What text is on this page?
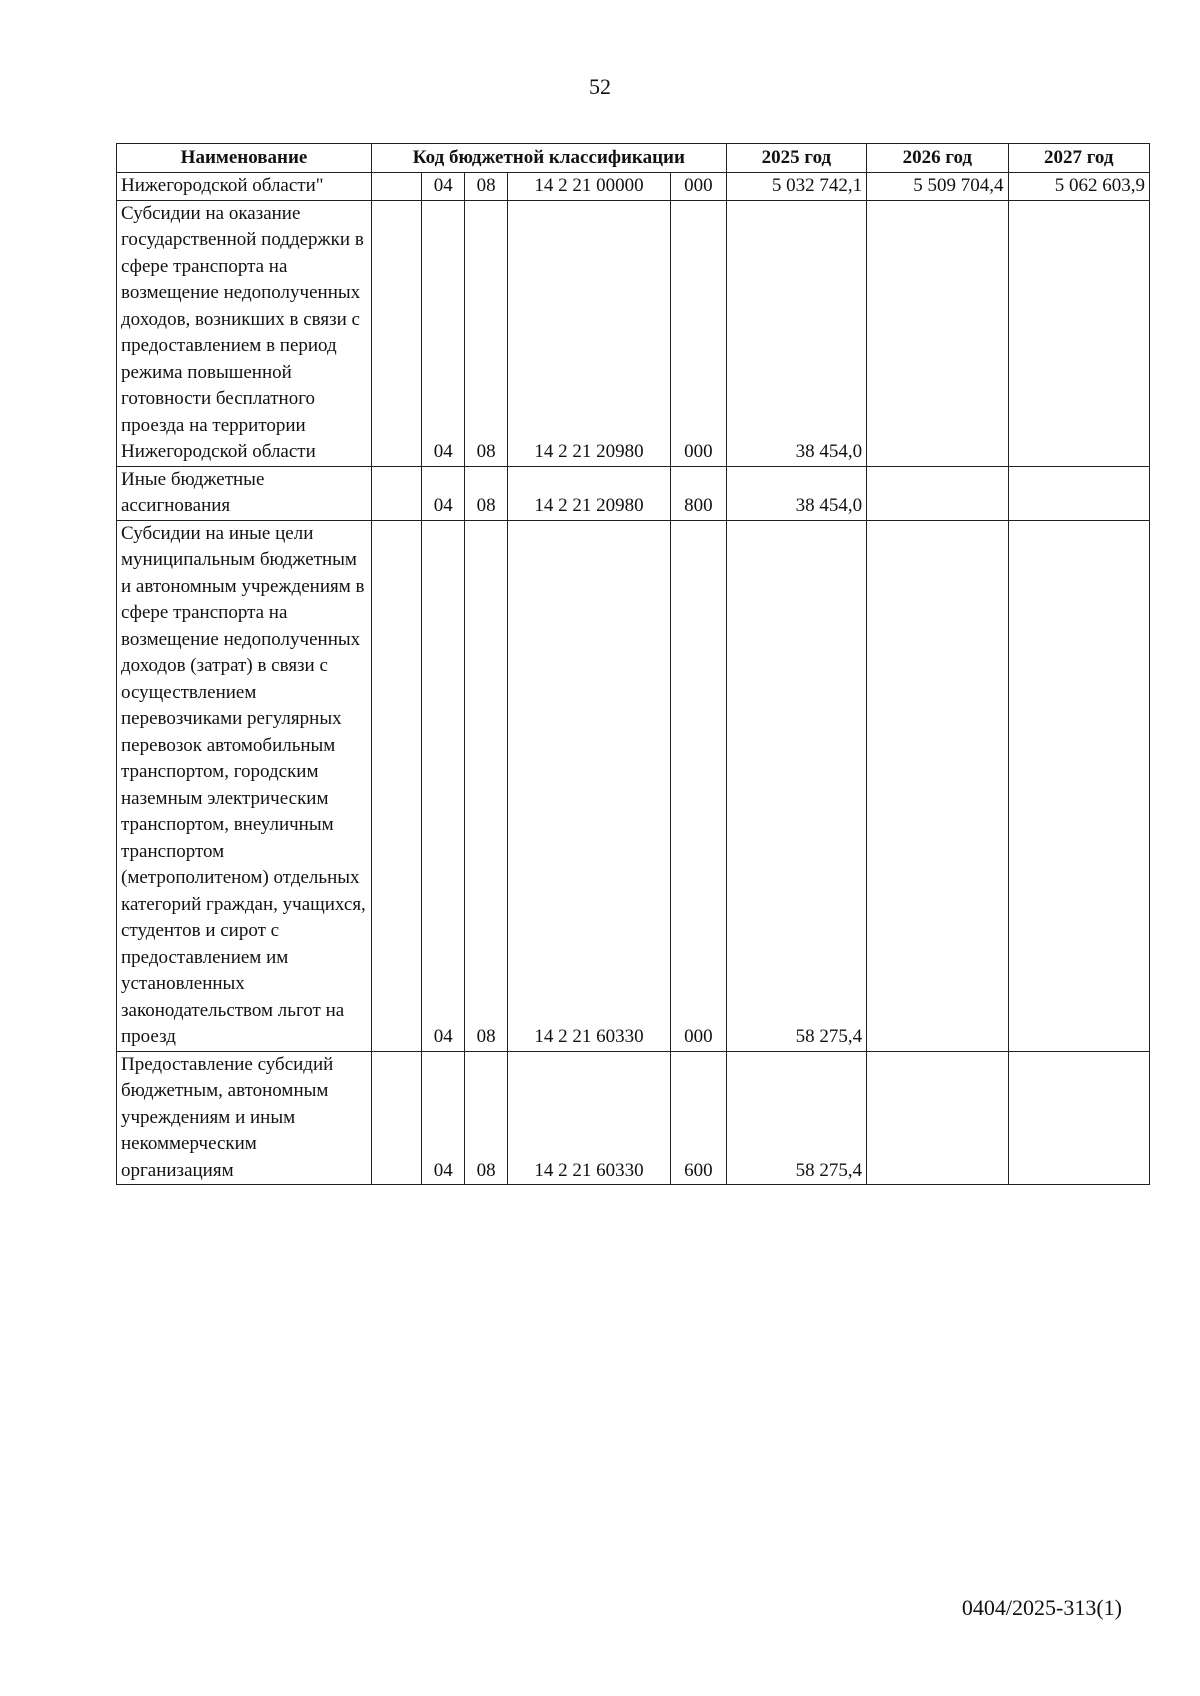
52
Наименование	Код бюджетной классификации					2025 год	2026 год	2027 год
Нижегородской области"		04	08	14 2 21 00000	000	5 032 742,1	5 509 704,4	5 062 603,9
Субсидии на оказание государственной поддержки в сфере транспорта на возмещение недополученных доходов, возникших в связи с предоставлением в период режима повышенной готовности бесплатного проезда на территории Нижегородской области		04	08	14 2 21 20980	000	38 454,0		
Иные бюджетные ассигнования		04	08	14 2 21 20980	800	38 454,0		
Субсидии на иные цели муниципальным бюджетным и автономным учреждениям в сфере транспорта на возмещение недополученных доходов (затрат) в связи с осуществлением перевозчиками регулярных перевозок автомобильным транспортом, городским наземным электрическим транспортом, внеуличным транспортом (метрополитеном) отдельных категорий граждан, учащихся, студентов и сирот с предоставлением им установленных законодательством льгот на проезд		04	08	14 2 21 60330	000	58 275,4		
Предоставление субсидий бюджетным, автономным учреждениям и иным некоммерческим организациям		04	08	14 2 21 60330	600	58 275,4		
0404/2025-313(1)
